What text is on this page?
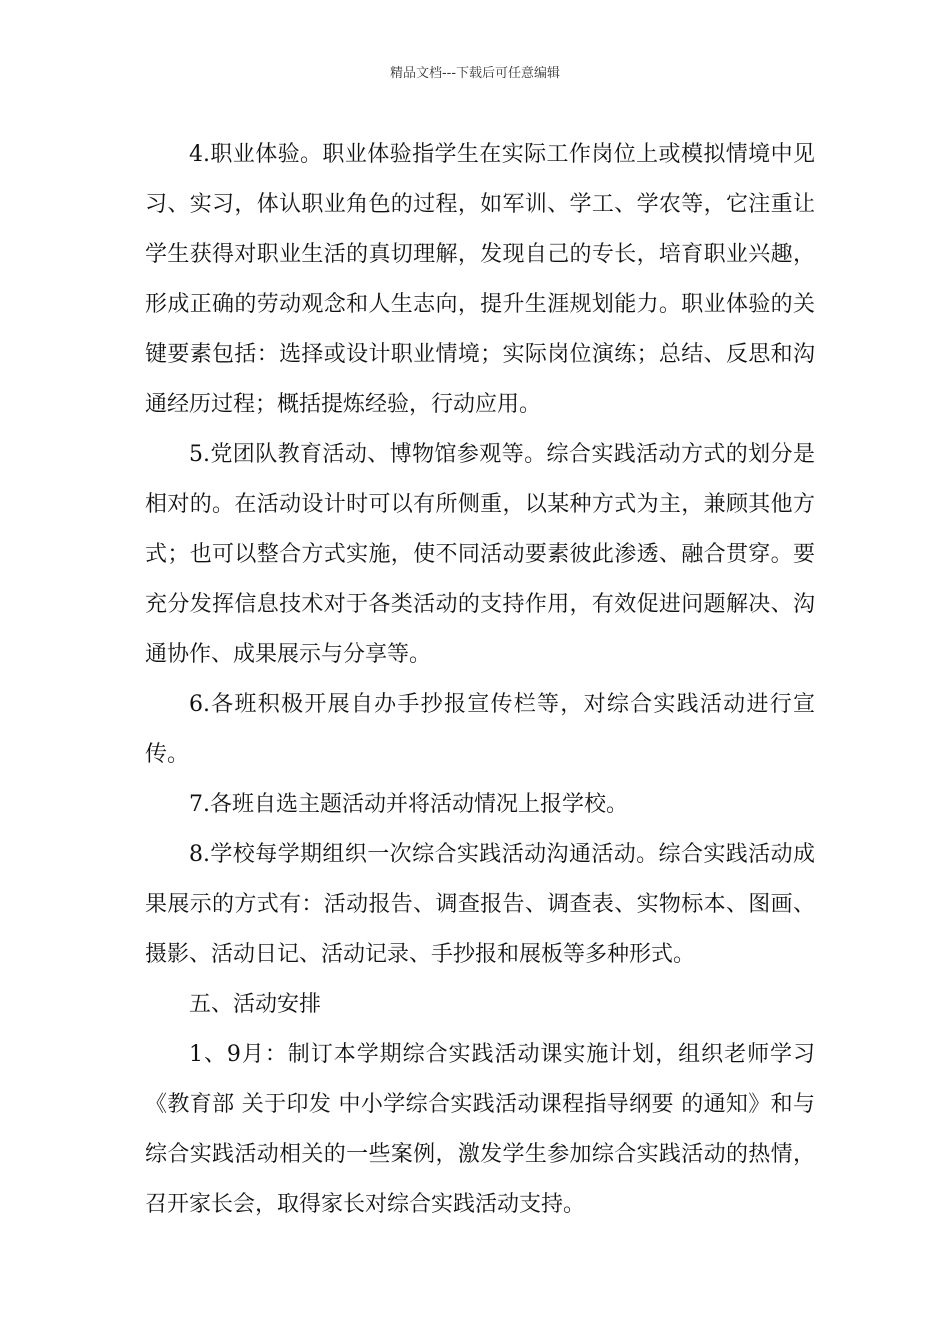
精品文档---下载后可任意编辑

4.职业体验。职业体验指学生在实际工作岗位上或模拟情境中见习、实习，体认职业角色的过程，如军训、学工、学农等，它注重让学生获得对职业生活的真切理解，发现自己的专长，培育职业兴趣，形成正确的劳动观念和人生志向，提升生涯规划能力。职业体验的关键要素包括：选择或设计职业情境；实际岗位演练；总结、反思和沟通经历过程；概括提炼经验，行动应用。

5.党团队教育活动、博物馆参观等。综合实践活动方式的划分是相对的。在活动设计时可以有所侧重，以某种方式为主，兼顾其他方式；也可以整合方式实施，使不同活动要素彼此渗透、融合贯穿。要充分发挥信息技术对于各类活动的支持作用，有效促进问题解决、沟通协作、成果展示与分享等。

6.各班积极开展自办手抄报宣传栏等，对综合实践活动进行宣传。

7.各班自选主题活动并将活动情况上报学校。

8.学校每学期组织一次综合实践活动沟通活动。综合实践活动成果展示的方式有：活动报告、调查报告、调查表、实物标本、图画、摄影、活动日记、活动记录、手抄报和展板等多种形式。

五、活动安排

1、9月：制订本学期综合实践活动课实施计划，组织老师学习《教育部 关于印发 中小学综合实践活动课程指导纲要 的通知》和与综合实践活动相关的一些案例，激发学生参加综合实践活动的热情，召开家长会，取得家长对综合实践活动支持。
